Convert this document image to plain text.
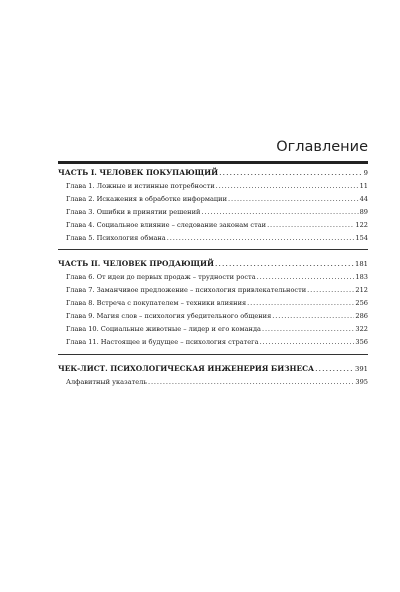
Оглавление
ЧАСТЬ I. ЧЕЛОВЕК ПОКУПАЮЩИЙ . . .	9
Глава 1. Ложные и истинные потребности . . .	11
Глава 2. Искажения в обработке информации . . .	44
Глава 3. Ошибки в принятии решений . . .	89
Глава 4. Социальное влияние – следование законам стаи . . .	122
Глава 5. Психология обмана . . .	154
ЧАСТЬ II. ЧЕЛОВЕК ПРОДАЮЩИЙ . . .	181
Глава 6. От идеи до первых продаж – трудности роста . . .	183
Глава 7. Заманчивое предложение – психология привлекательности . . .	212
Глава 8. Встреча с покупателем – техники влияния . . .	256
Глава 9. Магия слов – психология убедительного общения . . .	286
Глава 10. Социальные животные – лидер и его команда . . .	322
Глава 11. Настоящее и будущее – психология стратега . . .	356
ЧЕК-ЛИСТ. ПСИХОЛОГИЧЕСКАЯ ИНЖЕНЕРИЯ БИЗНЕСА . . .	391
Алфавитный указатель . . .	395
